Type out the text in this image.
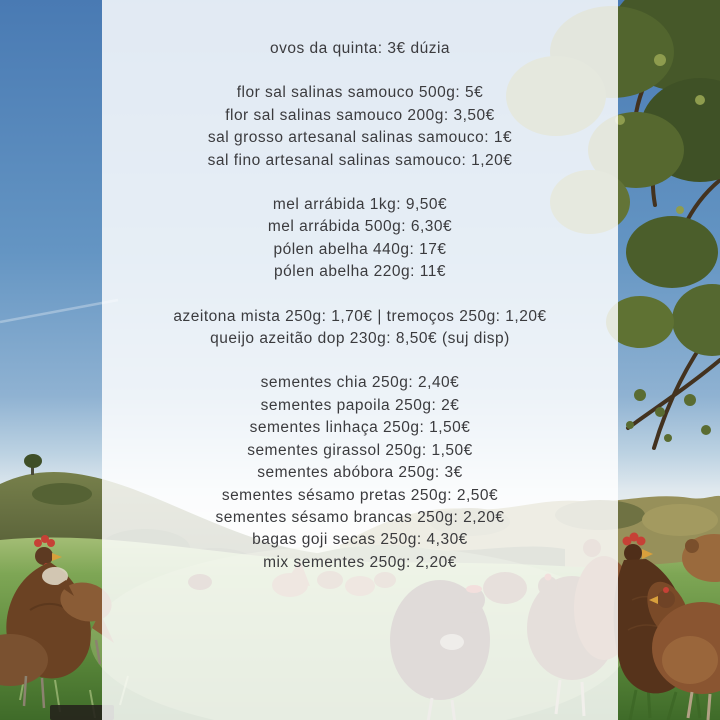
ovos da quinta: 3€ dúzia
flor sal salinas samouco 500g: 5€
flor sal salinas samouco 200g: 3,50€
sal grosso artesanal salinas samouco: 1€
sal fino artesanal salinas samouco: 1,20€
mel arrábida 1kg: 9,50€
mel arrábida 500g: 6,30€
pólen abelha 440g: 17€
pólen abelha 220g: 11€
azeitona mista 250g: 1,70€ | tremoços 250g: 1,20€
queijo azeitão dop 230g: 8,50€ (suj disp)
sementes chia 250g: 2,40€
sementes papoila 250g: 2€
sementes linhaça 250g: 1,50€
sementes girassol 250g: 1,50€
sementes abóbora 250g: 3€
sementes sésamo pretas 250g: 2,50€
sementes sésamo brancas 250g: 2,20€
bagas goji secas 250g: 4,30€
mix sementes 250g: 2,20€
